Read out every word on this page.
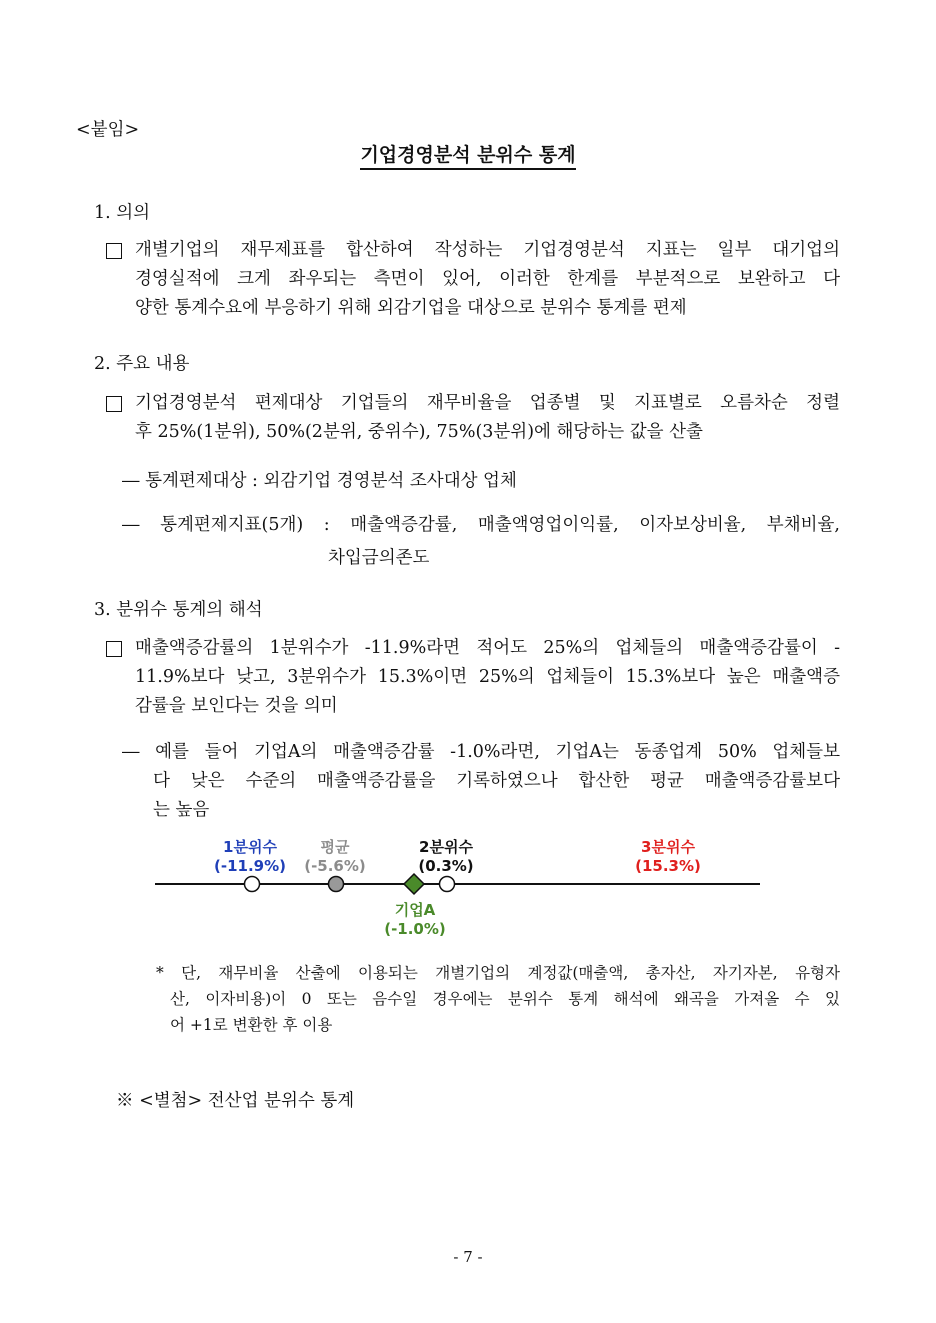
<붙임>
기업경영분석 분위수 통계
1. 의의
개별기업의 재무제표를 합산하여 작성하는 기업경영분석 지표는 일부 대기업의
경영실적에 크게 좌우되는 측면이 있어, 이러한 한계를 부분적으로 보완하고 다
양한 통계수요에 부응하기 위해 외감기업을 대상으로 분위수 통계를 편제
2. 주요 내용
기업경영분석 편제대상 기업들의 재무비율을 업종별 및 지표별로 오름차순 정렬
후 25%(1분위), 50%(2분위, 중위수), 75%(3분위)에 해당하는 값을 산출
― 통계편제대상 : 외감기업 경영분석 조사대상 업체
― 통계편제지표(5개) : 매출액증감률, 매출액영업이익률, 이자보상비율, 부채비율,
차입금의존도
3. 분위수 통계의 해석
매출액증감률의 1분위수가 -11.9%라면 적어도 25%의 업체들의 매출액증감률이 -
11.9%보다 낮고, 3분위수가 15.3%이면 25%의 업체들이 15.3%보다 높은 매출액증
감률을 보인다는 것을 의미
― 예를 들어 기업A의 매출액증감률 -1.0%라면, 기업A는 동종업계 50% 업체들보
다 낮은 수준의 매출액증감률을 기록하였으나 합산한 평균 매출액증감률보다
는 높음
1분위수
(-11.9%)
평균
(-5.6%)
2분위수
(0.3%)
3분위수
(15.3%)
기업A
(-1.0%)
* 단, 재무비율 산출에 이용되는 개별기업의 계정값(매출액, 총자산, 자기자본, 유형자
산, 이자비용)이 0 또는 음수일 경우에는 분위수 통계 해석에 왜곡을 가져올 수 있
어 +1로 변환한 후 이용
※ <별첨> 전산업 분위수 통계
- 7 -
